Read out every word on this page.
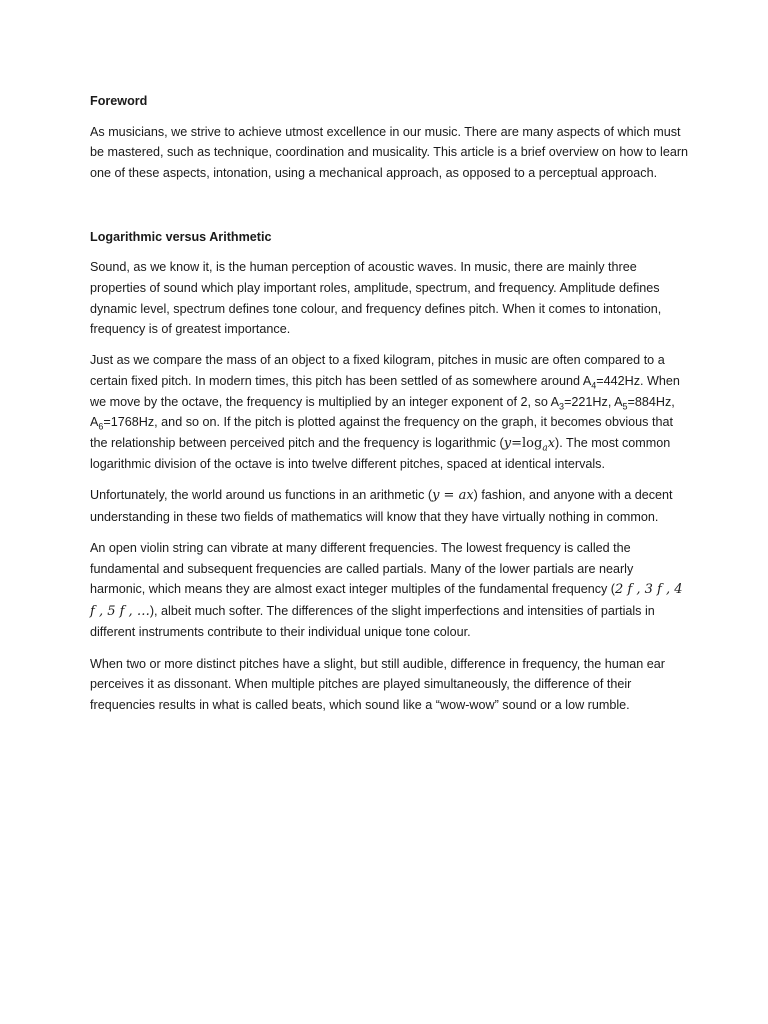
Foreword

As musicians, we strive to achieve utmost excellence in our music. There are many aspects of which must be mastered, such as technique, coordination and musicality. This article is a brief overview on how to learn one of these aspects, intonation, using a mechanical approach, as opposed to a perceptual approach.

Logarithmic versus Arithmetic

Sound, as we know it, is the human perception of acoustic waves. In music, there are mainly three properties of sound which play important roles, amplitude, spectrum, and frequency. Amplitude defines dynamic level, spectrum defines tone colour, and frequency defines pitch. When it comes to intonation, frequency is of greatest importance.

Just as we compare the mass of an object to a fixed kilogram, pitches in music are often compared to a certain fixed pitch. In modern times, this pitch has been settled of as somewhere around $A_4=442Hz$. When we move by the octave, the frequency is multiplied by an integer exponent of 2, so $A_3=221Hz$, $A_5=884Hz$, $A_6=1768Hz$, and so on. If the pitch is plotted against the frequency on the graph, it becomes obvious that the relationship between perceived pitch and the frequency is logarithmic $(y=\log_ax)$. The most common logarithmic division of the octave is into twelve different pitches, spaced at identical intervals.

Unfortunately, the world around us functions in an arithmetic (y = ax) fashion, and anyone with a decent understanding in these two fields of mathematics will know that they have virtually nothing in common.

An open violin string can vibrate at many different frequencies. The lowest frequency is called the fundamental and subsequent frequencies are called partials. Many of the lower partials are nearly harmonic, which means they are almost exact integer multiples of the fundamental frequency (2 f , 3 f , 4 f , 5 f , …), albeit much softer. The differences of the slight imperfections and intensities of partials in different instruments contribute to their individual unique tone colour.

When two or more distinct pitches have a slight, but still audible, difference in frequency, the human ear perceives it as dissonant. When multiple pitches are played simultaneously, the difference of their frequencies results in what is called beats, which sound like a “wow-wow” sound or a low rumble.
